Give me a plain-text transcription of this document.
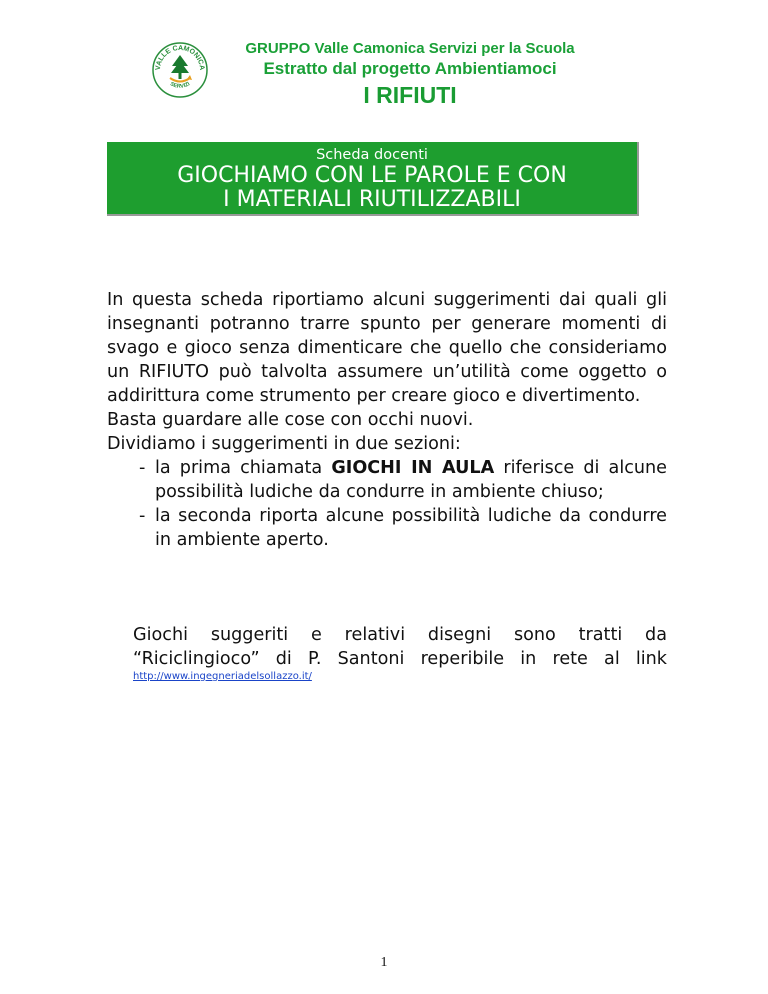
VALLE CAMONICA
SERVIZI
GRUPPO Valle Camonica Servizi per la Scuola
Estratto dal progetto Ambientiamoci
I RIFIUTI
Scheda docenti
GIOCHIAMO CON LE PAROLE E CON
I MATERIALI RIUTILIZZABILI
In questa scheda riportiamo alcuni suggerimenti dai quali gli insegnanti potranno trarre spunto per generare momenti di svago e gioco senza dimenticare che quello che consideriamo un RIFIUTO può talvolta assumere un’utilità come oggetto o addirittura come strumento per creare gioco e divertimento.
Basta guardare alle cose con occhi nuovi.
Dividiamo i suggerimenti in due sezioni:
- la prima chiamata GIOCHI IN AULA riferisce di alcune possibilità ludiche da condurre in ambiente chiuso;
- la seconda riporta alcune possibilità ludiche da condurre in ambiente aperto.
Giochi suggeriti e relativi disegni sono tratti da “Riciclingioco” di P. Santoni reperibile in rete al link
http://www.ingegneriadelsollazzo.it/
1
